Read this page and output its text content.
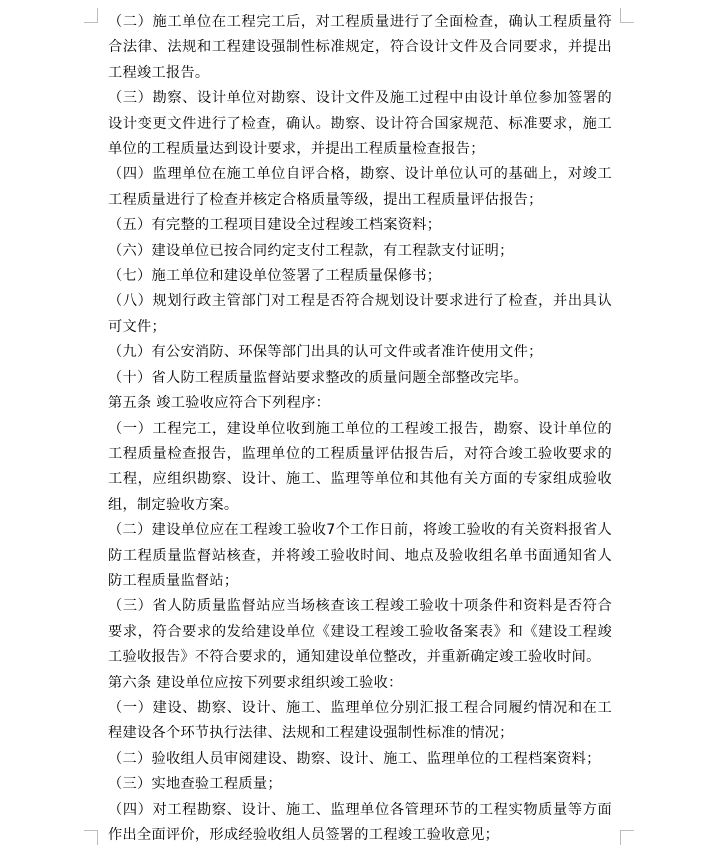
（二）施工单位在工程完工后，对工程质量进行了全面检查，确认工程质量符合法律、法规和工程建设强制性标准规定，符合设计文件及合同要求，并提出工程竣工报告。

（三）勘察、设计单位对勘察、设计文件及施工过程中由设计单位参加签署的设计变更文件进行了检查，确认。勘察、设计符合国家规范、标准要求，施工单位的工程质量达到设计要求，并提出工程质量检查报告；

（四）监理单位在施工单位自评合格，勘察、设计单位认可的基础上，对竣工工程质量进行了检查并核定合格质量等级，提出工程质量评估报告；

（五）有完整的工程项目建设全过程竣工档案资料；

（六）建设单位已按合同约定支付工程款，有工程款支付证明；

（七）施工单位和建设单位签署了工程质量保修书；

（八）规划行政主管部门对工程是否符合规划设计要求进行了检查，并出具认可文件；

（九）有公安消防、环保等部门出具的认可文件或者准许使用文件；

（十）省人防工程质量监督站要求整改的质量问题全部整改完毕。

第五条 竣工验收应符合下列程序：

（一）工程完工，建设单位收到施工单位的工程竣工报告，勘察、设计单位的工程质量检查报告，监理单位的工程质量评估报告后，对符合竣工验收要求的工程，应组织勘察、设计、施工、监理等单位和其他有关方面的专家组成验收组，制定验收方案。

（二）建设单位应在工程竣工验收7个工作日前，将竣工验收的有关资料报省人防工程质量监督站核查，并将竣工验收时间、地点及验收组名单书面通知省人防工程质量监督站；

（三）省人防质量监督站应当场核查该工程竣工验收十项条件和资料是否符合要求，符合要求的发给建设单位《建设工程竣工验收备案表》和《建设工程竣工验收报告》不符合要求的，通知建设单位整改，并重新确定竣工验收时间。

第六条 建设单位应按下列要求组织竣工验收：

（一）建设、勘察、设计、施工、监理单位分别汇报工程合同履约情况和在工程建设各个环节执行法律、法规和工程建设强制性标准的情况；

（二）验收组人员审阅建设、勘察、设计、施工、监理单位的工程档案资料；

（三）实地查验工程质量；

（四）对工程勘察、设计、施工、监理单位各管理环节的工程实物质量等方面作出全面评价，形成经验收组人员签署的工程竣工验收意见；
